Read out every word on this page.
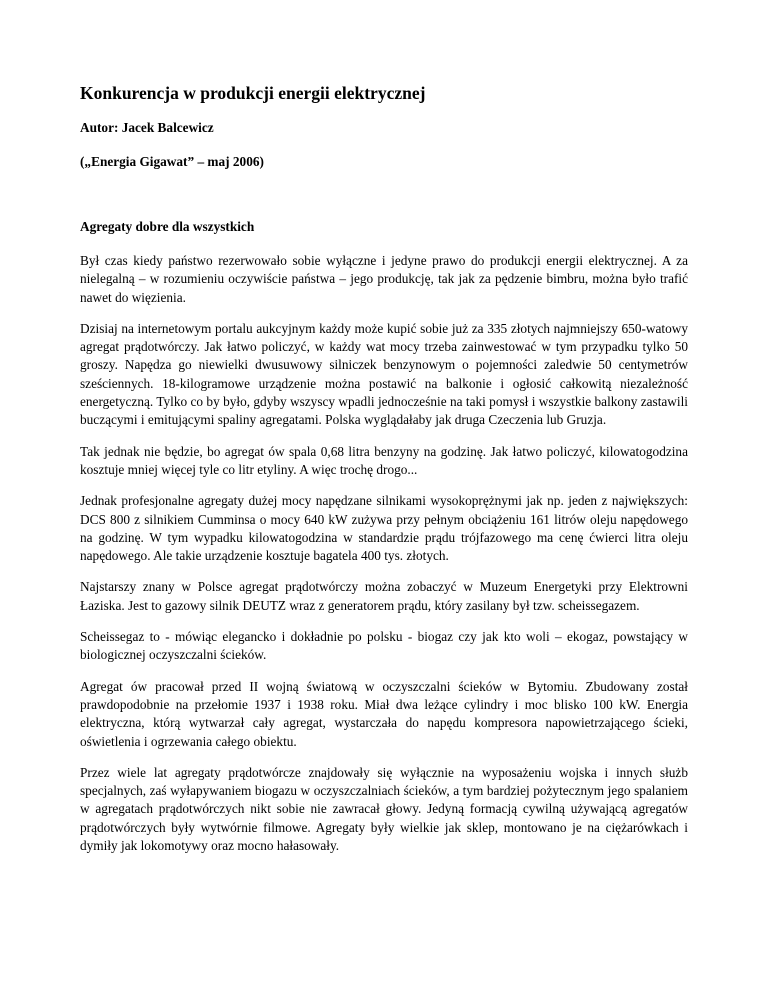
Konkurencja w produkcji energii elektrycznej

Autor: Jacek Balcewicz

(„Energia Gigawat” – maj 2006)

Agregaty dobre dla wszystkich

Był czas kiedy państwo rezerwowało sobie wyłączne i jedyne prawo do produkcji energii elektrycznej. A za nielegalną – w rozumieniu oczywiście państwa – jego produkcję, tak jak za pędzenie bimbru, można było trafić nawet do więzienia.

Dzisiaj na internetowym portalu aukcyjnym każdy może kupić sobie już za 335 złotych najmniejszy 650-watowy agregat prądotwórczy. Jak łatwo policzyć, w każdy wat mocy trzeba zainwestować w tym przypadku tylko 50 groszy. Napędza go niewielki dwusuwowy silniczek benzynowym o pojemności zaledwie 50 centymetrów sześciennych. 18-kilogramowe urządzenie można postawić na balkonie i ogłosić całkowitą niezależność energetyczną. Tylko co by było, gdyby wszyscy wpadli jednocześnie na taki pomysł i wszystkie balkony zastawili buczącymi i emitującymi spaliny agregatami. Polska wyglądałaby jak druga Czeczenia lub Gruzja.

Tak jednak nie będzie, bo agregat ów spala 0,68 litra benzyny na godzinę. Jak łatwo policzyć, kilowatogodzina kosztuje mniej więcej tyle co litr etyliny. A więc trochę drogo...

Jednak profesjonalne agregaty dużej mocy napędzane silnikami wysokoprężnymi jak np. jeden z największych: DCS 800 z silnikiem Cumminsa o mocy 640 kW zużywa przy pełnym obciążeniu 161 litrów oleju napędowego na godzinę. W tym wypadku kilowatogodzina w standardzie prądu trójfazowego ma cenę ćwierci litra oleju napędowego. Ale takie urządzenie kosztuje bagatela 400 tys. złotych.

Najstarszy znany w Polsce agregat prądotwórczy można zobaczyć w Muzeum Energetyki przy Elektrowni Łaziska. Jest to gazowy silnik DEUTZ wraz z generatorem prądu, który zasilany był tzw. scheissegazem.

Scheissegaz to - mówiąc elegancko i dokładnie po polsku - biogaz czy jak kto woli – ekogaz, powstający w biologicznej oczyszczalni ścieków.

Agregat ów pracował przed II wojną światową w oczyszczalni ścieków w Bytomiu. Zbudowany został prawdopodobnie na przełomie 1937 i 1938 roku. Miał dwa leżące cylindry i moc blisko 100 kW. Energia elektryczna, którą wytwarzał cały agregat, wystarczała do napędu kompresora napowietrzającego ścieki, oświetlenia i ogrzewania całego obiektu.

Przez wiele lat agregaty prądotwórcze znajdowały się wyłącznie na wyposażeniu wojska i innych służb specjalnych, zaś wyłapywaniem biogazu w oczyszczalniach ścieków, a tym bardziej pożytecznym jego spalaniem w agregatach prądotwórczych nikt sobie nie zawracał głowy. Jedyną formacją cywilną używającą agregatów prądotwórczych były wytwórnie filmowe. Agregaty były wielkie jak sklep, montowano je na ciężarówkach i dymiły jak lokomotywy oraz mocno hałasowały.
